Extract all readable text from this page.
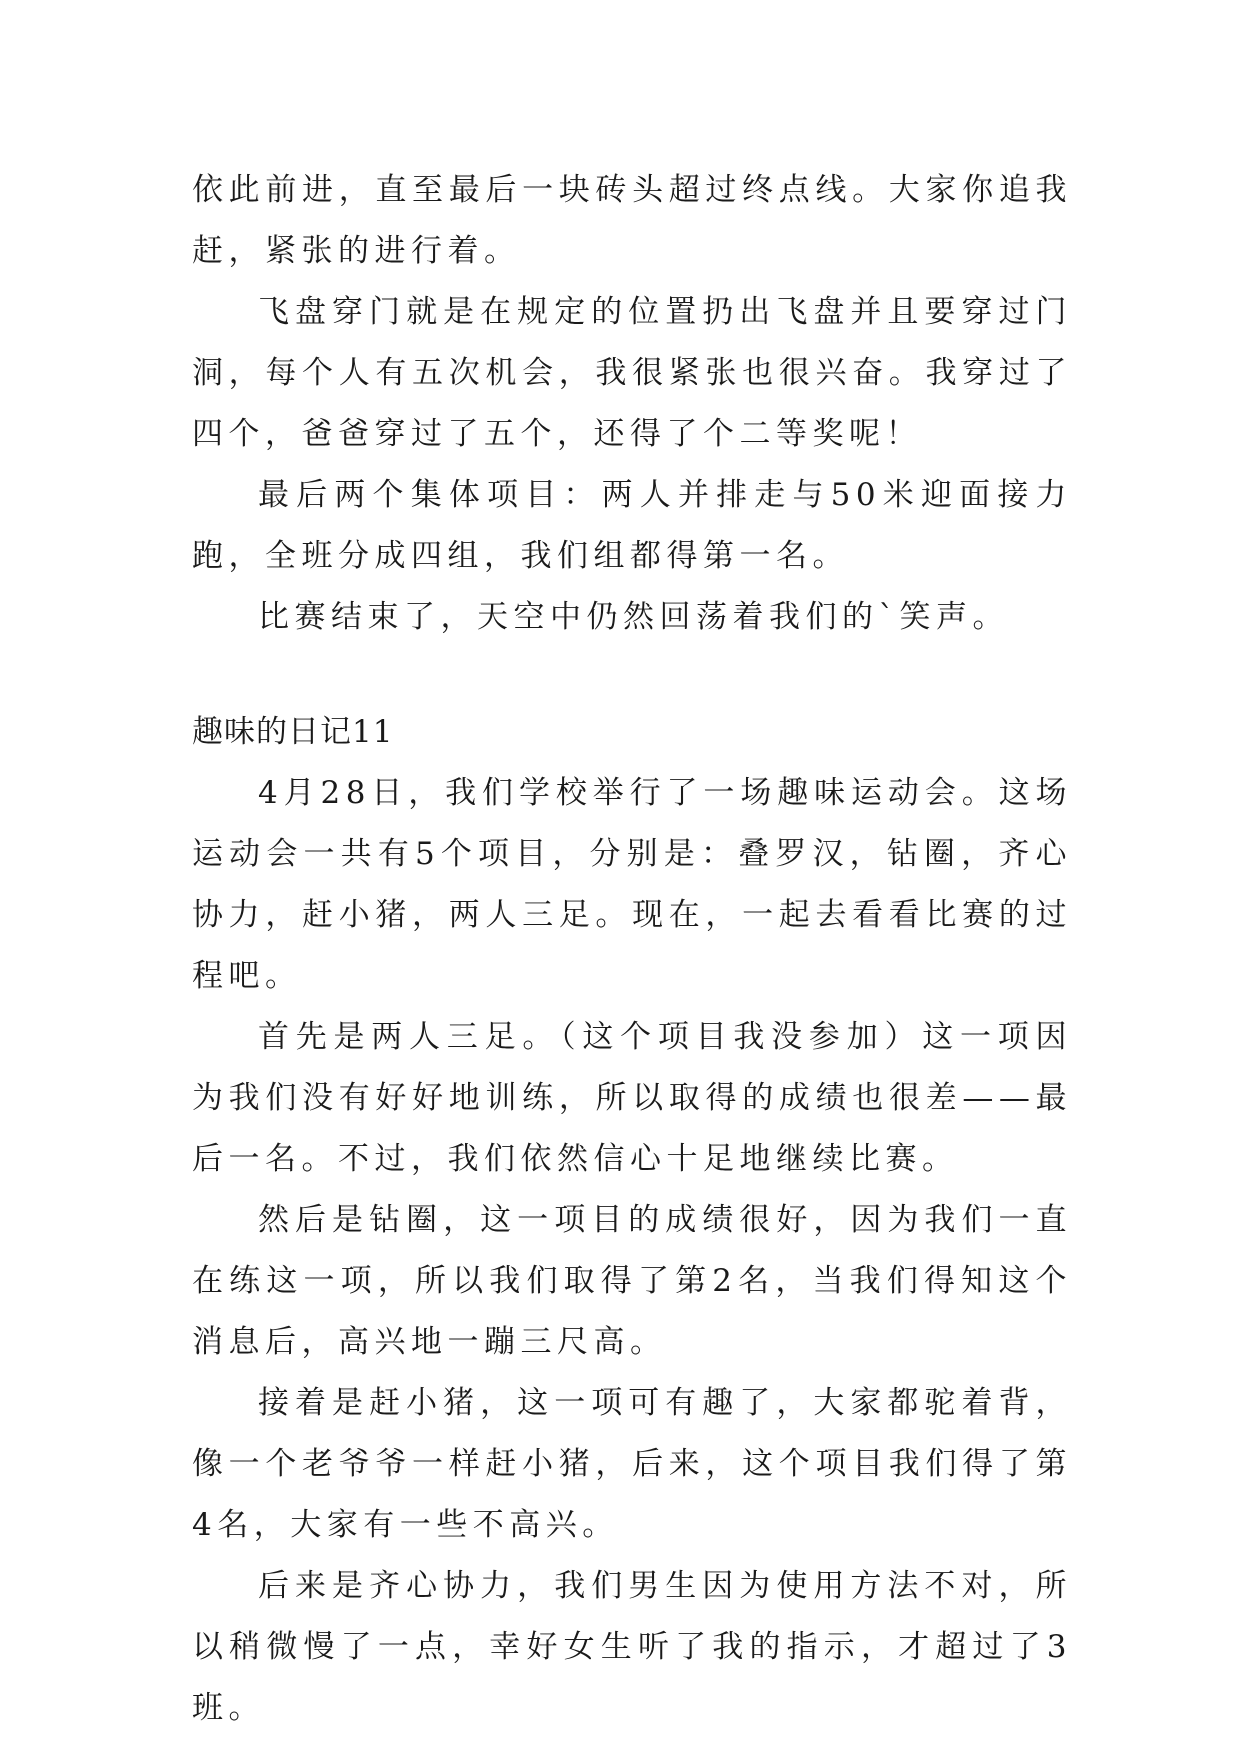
依此前进，直至最后一块砖头超过终点线。大家你追我赶，紧张的进行着。

飞盘穿门就是在规定的位置扔出飞盘并且要穿过门洞，每个人有五次机会，我很紧张也很兴奋。我穿过了四个，爸爸穿过了五个，还得了个二等奖呢！

最后两个集体项目：两人并排走与50米迎面接力跑，全班分成四组，我们组都得第一名。

比赛结束了，天空中仍然回荡着我们的`笑声。

趣味的日记11

4月28日，我们学校举行了一场趣味运动会。这场运动会一共有5个项目，分别是：叠罗汉，钻圈，齐心协力，赶小猪，两人三足。现在，一起去看看比赛的过程吧。

首先是两人三足。（这个项目我没参加）这一项因为我们没有好好地训练，所以取得的成绩也很差——最后一名。不过，我们依然信心十足地继续比赛。

然后是钻圈，这一项目的成绩很好，因为我们一直在练这一项，所以我们取得了第2名，当我们得知这个消息后，高兴地一蹦三尺高。

接着是赶小猪，这一项可有趣了，大家都驼着背，像一个老爷爷一样赶小猪，后来，这个项目我们得了第4名，大家有一些不高兴。

后来是齐心协力，我们男生因为使用方法不对，所以稍微慢了一点，幸好女生听了我的指示，才超过了3班。
